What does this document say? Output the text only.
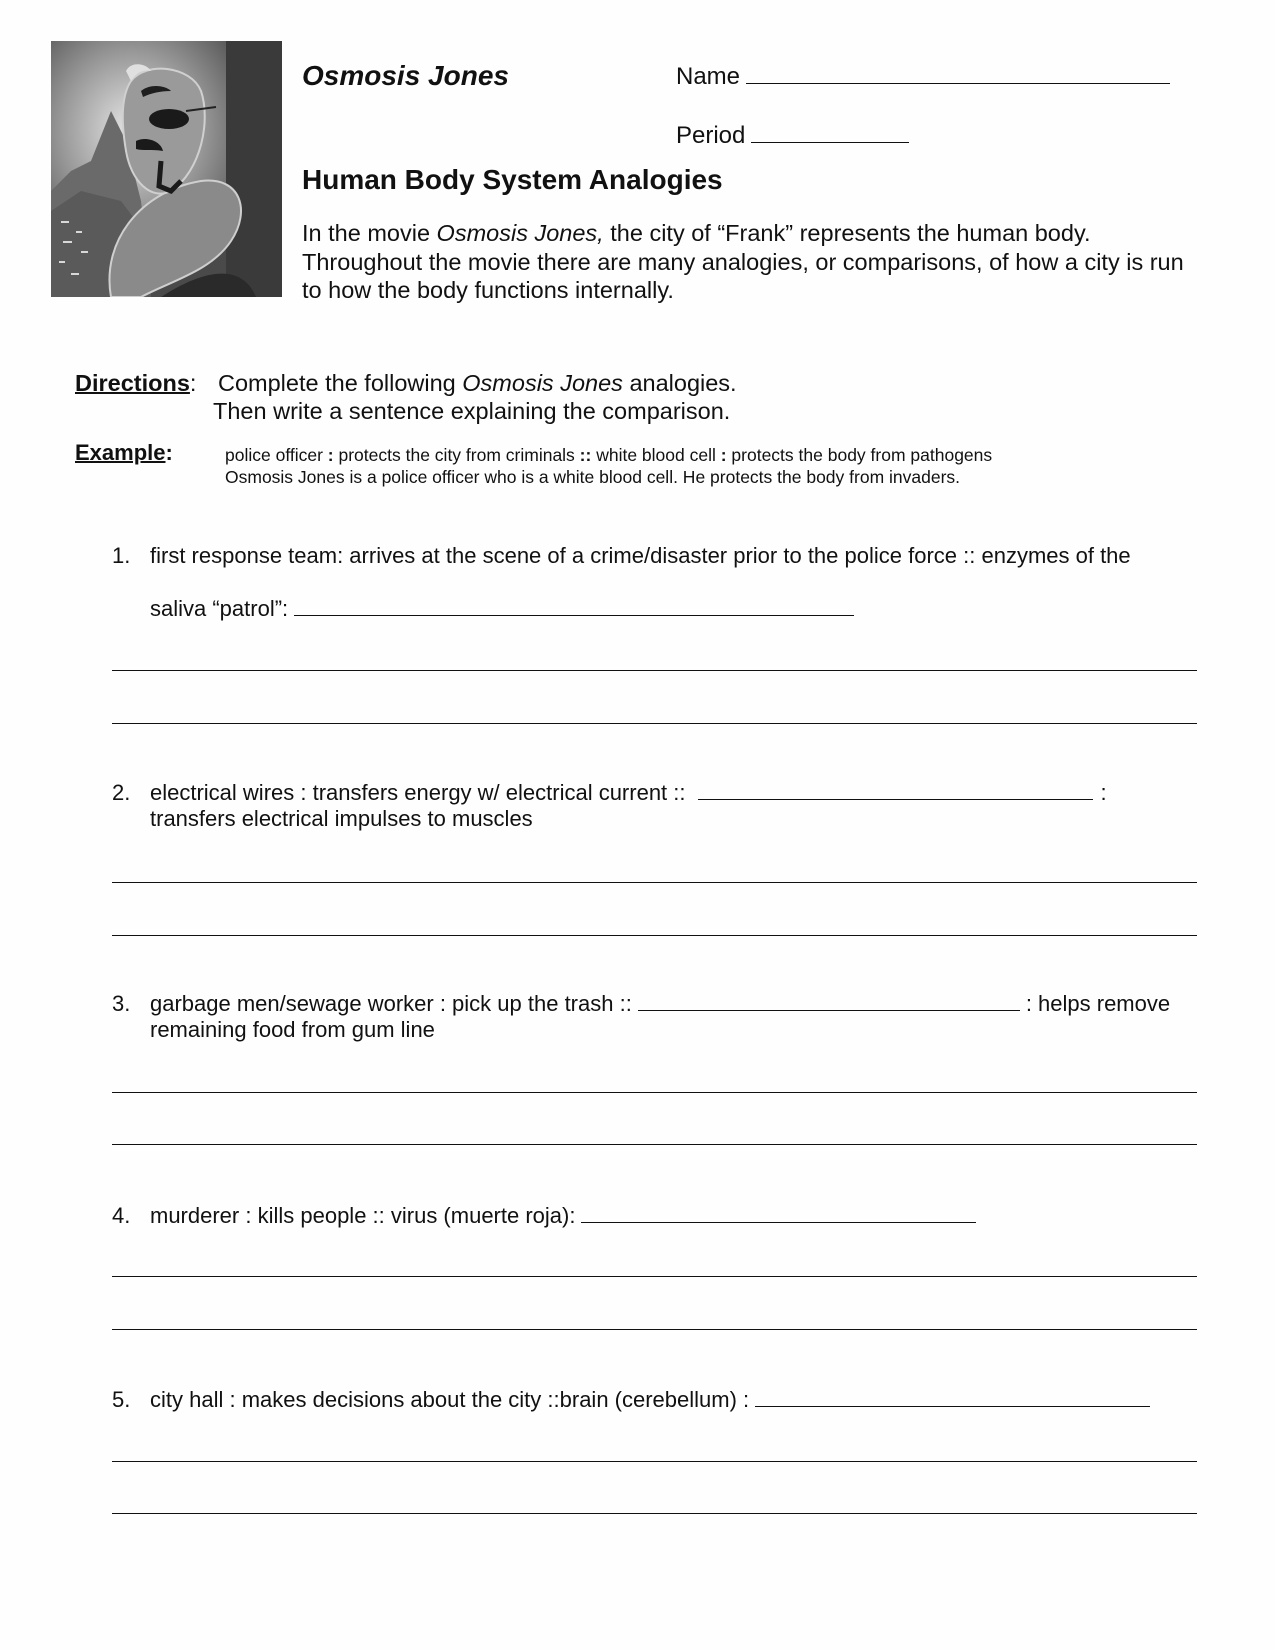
Osmosis Jones	Name
Period
Human Body System Analogies
In the movie Osmosis Jones, the city of “Frank” represents the human body. Throughout the movie there are many analogies, or comparisons, of how a city is run to how the body functions internally.
Directions: Complete the following Osmosis Jones analogies.
Then write a sentence explaining the comparison.
Example:	police officer : protects the city from criminals :: white blood cell : protects the body from pathogens
Osmosis Jones is a police officer who is a white blood cell. He protects the body from invaders.
1. first response team: arrives at the scene of a crime/disaster prior to the police force :: enzymes of the
saliva “patrol”:
2. electrical wires : transfers energy w/ electrical current ::	:
transfers electrical impulses to muscles
3. garbage men/sewage worker : pick up the trash ::	: helps remove
remaining food from gum line
4. murderer : kills people :: virus (muerte roja):
5. city hall : makes decisions about the city ::brain (cerebellum) :
